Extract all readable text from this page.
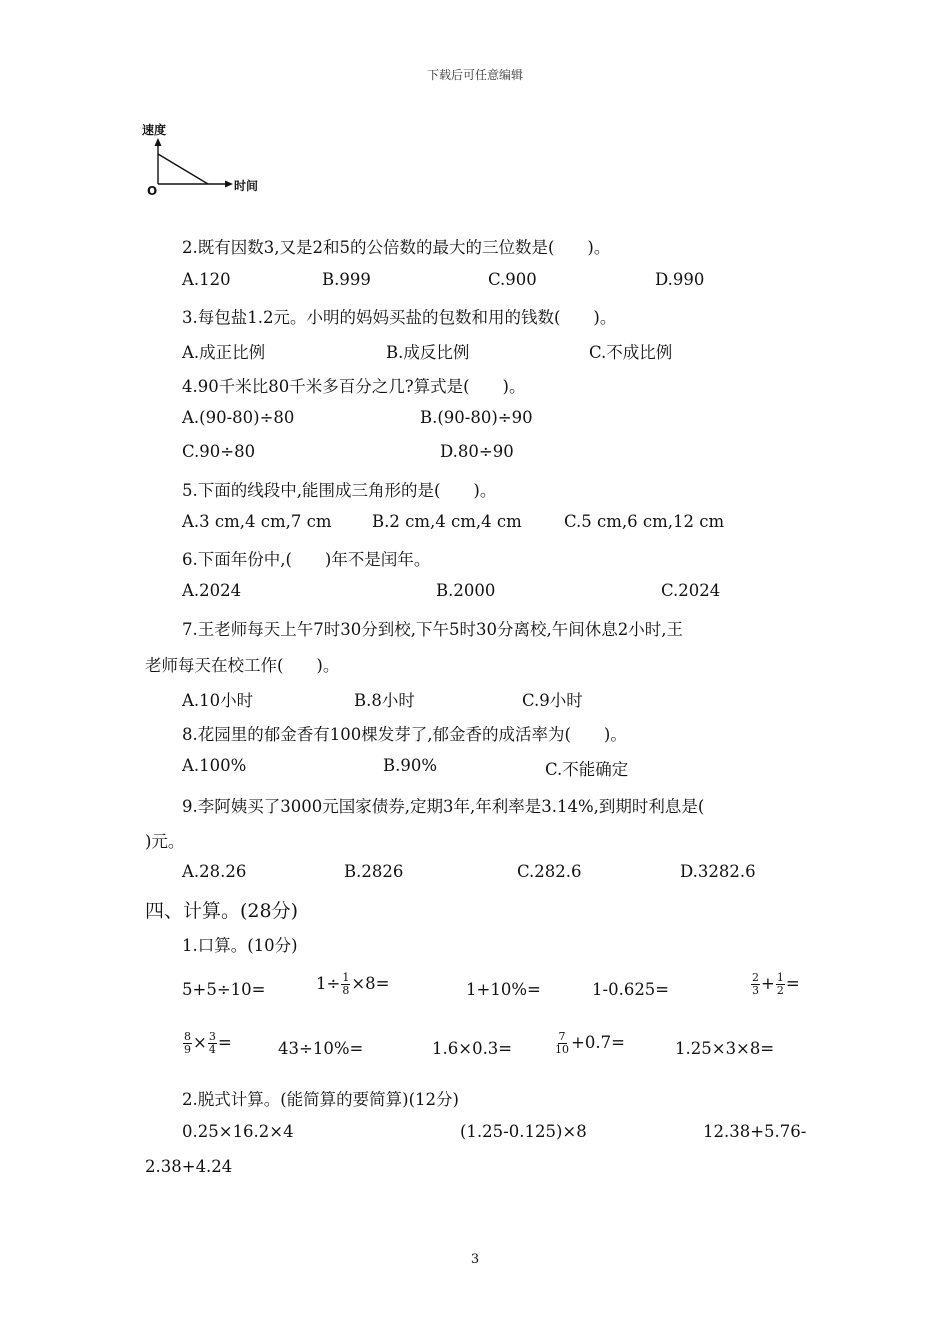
下载后可任意编辑
速度
时间
O
2.既有因数3,又是2和5的公倍数的最大的三位数是(　　)。
A.120	B.999	C.900	D.990
3.每包盐1.2元。小明的妈妈买盐的包数和用的钱数(　　)。
A.成正比例	B.成反比例	C.不成比例
4.90千米比80千米多百分之几?算式是(　　)。
A.(90-80)÷80	B.(90-80)÷90
C.90÷80	D.80÷90
5.下面的线段中,能围成三角形的是(　　)。
A.3 cm,4 cm,7 cm B.2 cm,4 cm,4 cm	C.5 cm,6 cm,12 cm
6.下面年份中,(　　)年不是闰年。
A.2024	B.2000	C.2024
7.王老师每天上午7时30分到校,下午5时30分离校,午间休息2小时,王
老师每天在校工作(　　)。
A.10小时	B.8小时	C.9小时
8.花园里的郁金香有100棵发芽了,郁金香的成活率为(　　)。
A.100%	B.90%	C.不能确定
9.李阿姨买了3000元国家债券,定期3年,年利率是3.14%,到期时利息是(
)元。
A.28.26	B.2826	C.282.6	D.3282.6
四、计算。(28分)
1.口算。(10分)
5+5÷10=	$1\div \frac{1}{8} \times 8=$	1+10%=	1-0.625=	$\frac{2}{3} + \frac{1}{2}$ =
$\frac{8}{9} \times \frac{3}{4}$ =	43÷10%=	1.6×0.3=	$\frac{7}{10} +0.7=$	1.25×3×8=
2.脱式计算。(能简算的要简算)(12分)
0.25×16.2×4	(1.25-0.125)×8	12.38+5.76-
2.38+4.24
3
